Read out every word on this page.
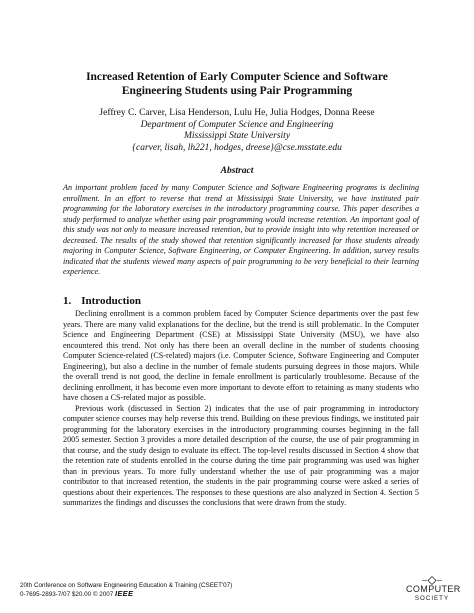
Increased Retention of Early Computer Science and Software
Engineering Students using Pair Programming
Jeffrey C. Carver, Lisa Henderson, Lulu He, Julia Hodges, Donna Reese
Department of Computer Science and Engineering
Mississippi State University
{carver, lisah, lh221, hodges, dreese}@cse.msstate.edu
Abstract
An important problem faced by many Computer Science and Software Engineering programs is declining enrollment. In an effort to reverse that trend at Mississippi State University, we have instituted pair programming for the laboratory exercises in the introductory programming course. This paper describes a study performed to analyze whether using pair programming would increase retention. An important goal of this study was not only to measure increased retention, but to provide insight into why retention increased or decreased. The results of the study showed that retention significantly increased for those students already majoring in Computer Science, Software Engineering, or Computer Engineering. In addition, survey results indicated that the students viewed many aspects of pair programming to be very beneficial to their learning experience.
1. Introduction

Declining enrollment is a common problem faced by Computer Science departments over the past few years. There are many valid explanations for the decline, but the trend is still problematic. In the Computer Science and Engineering Department (CSE) at Mississippi State University (MSU), we have also encountered this trend. Not only has there been an overall decline in the number of students choosing Computer Science-related (CS-related) majors (i.e. Computer Science, Software Engineering and Computer Engineering), but also a decline in the number of female students pursuing degrees in those majors. While the overall trend is not good, the decline in female enrollment is particularly troublesome. Because of the declining enrollment, it has become even more important to devote effort to retaining as many students who have chosen a CS-related major as possible.

Previous work (discussed in Section 2) indicates that the use of pair programming in introductory computer science courses may help reverse this trend. Building on these previous findings, we instituted pair programming for the laboratory exercises in the introductory programming courses beginning in the fall 2005 semester. Section 3 provides a more detailed description of the course, the use of pair programming in that course, and the study design to evaluate its effect. The top-level results discussed in Section 4 show that the retention rate of students enrolled in the course during the time pair programming was used was higher than in previous years. To more fully understand whether the use of pair programming was a major contributor to that increased retention, the students in the pair programming course were asked a series of questions about their experiences. The responses to these questions are also analyzed in Section 4. Section 5 summarizes the findings and discusses the conclusions that were drawn from the study.

20th Conference on Software Engineering Education & Training (CSEET'07)
0-7695-2893-7/07 $20.00 © 2007 IEEE	COMPUTER
SOCIETY
